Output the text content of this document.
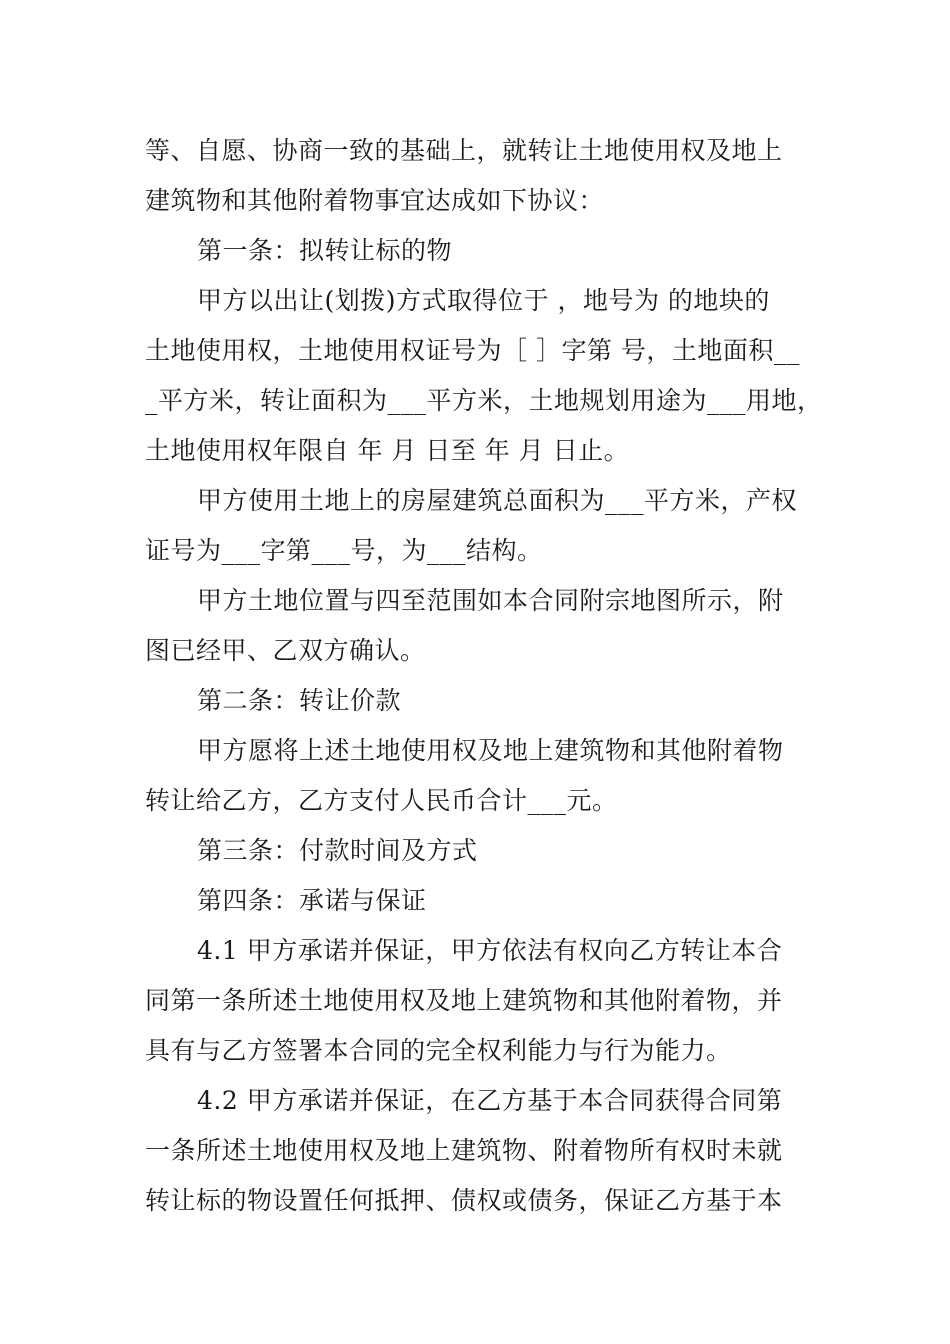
等、自愿、协商一致的基础上，就转让土地使用权及地上
建筑物和其他附着物事宜达成如下协议：
第一条：拟转让标的物
甲方以出让(划拨)方式取得位于 ，地号为 的地块的
土地使用权，土地使用权证号为［ ］字第 号，土地面积__
_平方米，转让面积为___平方米，土地规划用途为___用地，
土地使用权年限自 年 月 日至 年 月 日止。
甲方使用土地上的房屋建筑总面积为___平方米，产权
证号为___字第___号，为___结构。
甲方土地位置与四至范围如本合同附宗地图所示，附
图已经甲、乙双方确认。
第二条：转让价款
甲方愿将上述土地使用权及地上建筑物和其他附着物
转让给乙方，乙方支付人民币合计___元。
第三条：付款时间及方式
第四条：承诺与保证
4.1 甲方承诺并保证，甲方依法有权向乙方转让本合
同第一条所述土地使用权及地上建筑物和其他附着物，并
具有与乙方签署本合同的完全权利能力与行为能力。
4.2 甲方承诺并保证，在乙方基于本合同获得合同第
一条所述土地使用权及地上建筑物、附着物所有权时未就
转让标的物设置任何抵押、债权或债务，保证乙方基于本
